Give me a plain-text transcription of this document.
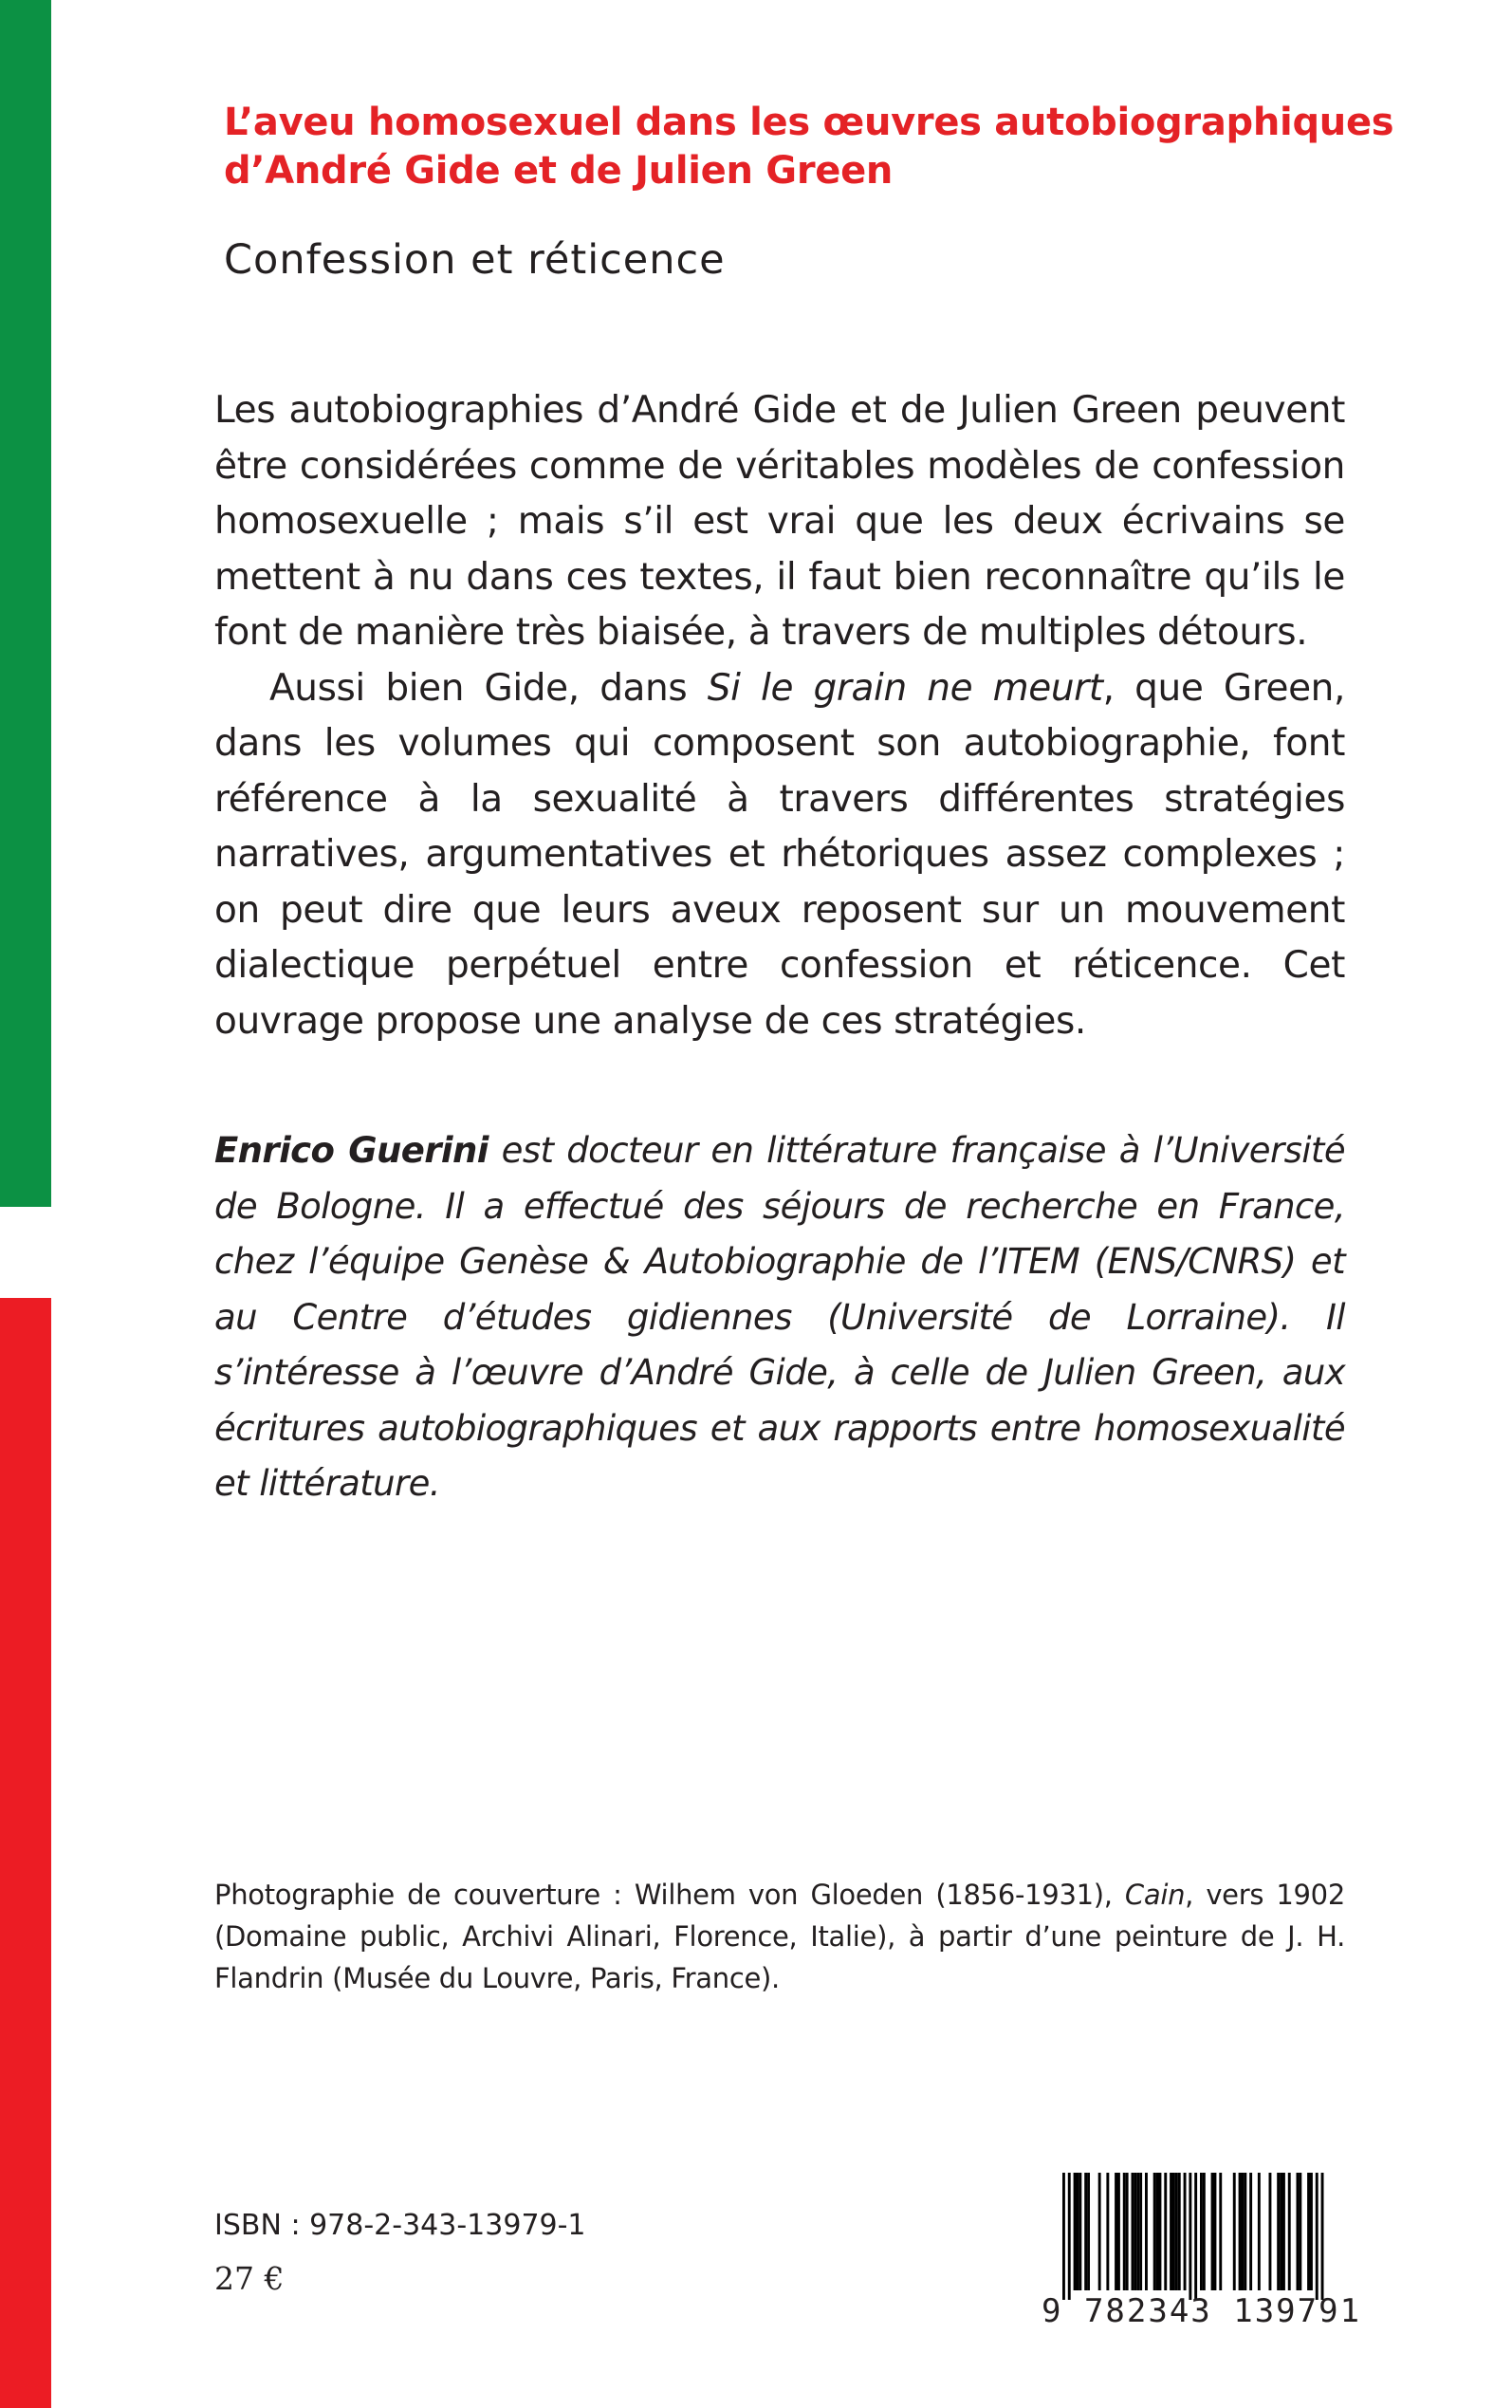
L’aveu homosexuel dans les œuvres autobiographiques
d’André Gide et de Julien Green
Confession et réticence

Les autobiographies d’André Gide et de Julien Green peuvent être considérées comme de véritables modèles de confession homosexuelle ; mais s’il est vrai que les deux écrivains se mettent à nu dans ces textes, il faut bien reconnaître qu’ils le font de manière très biaisée, à travers de multiples détours.

Aussi bien Gide, dans Si le grain ne meurt, que Green, dans les volumes qui composent son autobiographie, font référence à la sexualité à travers différentes stratégies narratives, argumentatives et rhétoriques assez complexes ; on peut dire que leurs aveux reposent sur un mouvement dialectique perpétuel entre confession et réticence. Cet ouvrage propose une analyse de ces stratégies.

Enrico Guerini est docteur en littérature française à l’Université de Bologne. Il a effectué des séjours de recherche en France, chez l’équipe Genèse & Autobiographie de l’ITEM (ENS/CNRS) et au Centre d’études gidiennes (Université de Lorraine). Il s’intéresse à l’œuvre d’André Gide, à celle de Julien Green, aux écritures autobiographiques et aux rapports entre homosexualité et littérature.
Photographie de couverture : Wilhem von Gloeden (1856-1931), Cain, vers 1902 (Domaine public, Archivi Alinari, Florence, Italie), à partir d’une peinture de J. H. Flandrin (Musée du Louvre, Paris, France).
ISBN : 978-2-343-13979-1
27 €
9 782343 139791
